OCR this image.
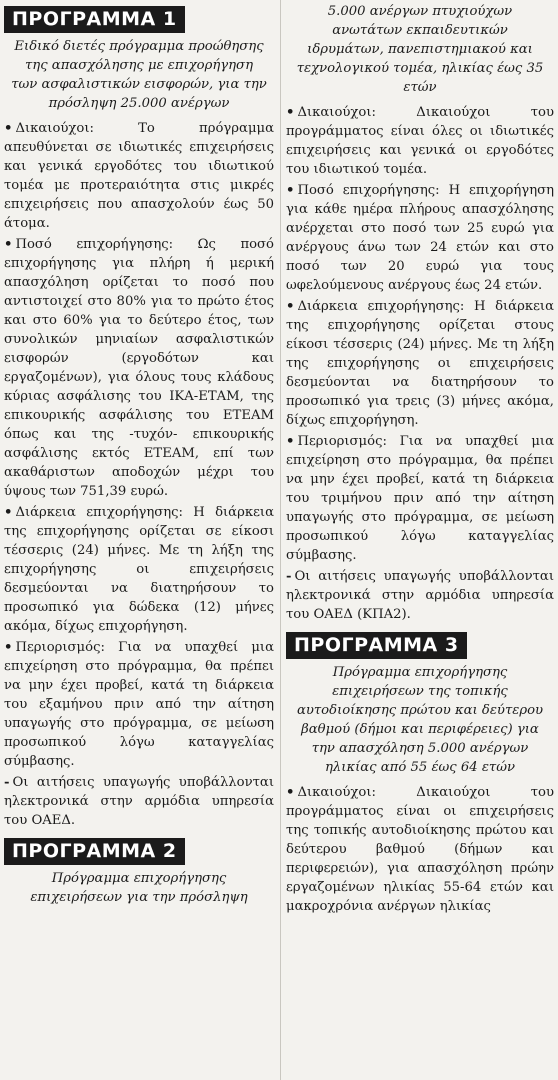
ΠΡΟΓΡΑΜΜΑ 1
Ειδικό διετές πρόγραμμα προώθησης της απασχόλησης με επιχορήγηση των ασφαλιστικών εισφορών, για την πρόσληψη 25.000 ανέργων
• Δικαιούχοι: Το πρόγραμμα απευθύνεται σε ιδιωτικές επιχειρήσεις και γενικά εργοδότες του ιδιωτικού τομέα με προτεραιότητα στις μικρές επιχειρήσεις που απασχολούν έως 50 άτομα.
• Ποσό επιχορήγησης: Ως ποσό επιχορήγησης για πλήρη ή μερική απασχόληση ορίζεται το ποσό που αντιστοιχεί στο 80% για το πρώτο έτος και στο 60% για το δεύτερο έτος, των συνολικών μηνιαίων ασφαλιστικών εισφορών (εργοδότων και εργαζομένων), για όλους τους κλάδους κύριας ασφάλισης του ΙΚΑ-ΕΤΑΜ, της επικουρικής ασφάλισης του ΕΤΕΑΜ όπως και της -τυχόν- επικουρικής ασφάλισης εκτός ΕΤΕΑΜ, επί των ακαθάριστων αποδοχών μέχρι του ύψους των 751,39 ευρώ.
• Διάρκεια επιχορήγησης: Η διάρκεια της επιχορήγησης ορίζεται σε είκοσι τέσσερις (24) μήνες. Με τη λήξη της επιχορήγησης οι επιχειρήσεις δεσμεύονται να διατηρήσουν το προσωπικό για δώδεκα (12) μήνες ακόμα, δίχως επιχορήγηση.
• Περιορισμός: Για να υπαχθεί μια επιχείρηση στο πρόγραμμα, θα πρέπει να μην έχει προβεί, κατά τη διάρκεια του εξαμήνου πριν από την αίτηση υπαγωγής στο πρόγραμμα, σε μείωση προσωπικού λόγω καταγγελίας σύμβασης.
- Οι αιτήσεις υπαγωγής υποβάλλονται ηλεκτρονικά στην αρμόδια υπηρεσία του ΟΑΕΔ.
ΠΡΟΓΡΑΜΜΑ 2
Πρόγραμμα επιχορήγησης επιχειρήσεων για την πρόσληψη
5.000 ανέργων πτυχιούχων ανωτάτων εκπαιδευτικών ιδρυμάτων, πανεπιστημιακού και τεχνολογικού τομέα, ηλικίας έως 35 ετών
• Δικαιούχοι: Δικαιούχοι του προγράμματος είναι όλες οι ιδιωτικές επιχειρήσεις και γενικά οι εργοδότες του ιδιωτικού τομέα.
• Ποσό επιχορήγησης: Η επιχορήγηση για κάθε ημέρα πλήρους απασχόλησης ανέρχεται στο ποσό των 25 ευρώ για ανέργους άνω των 24 ετών και στο ποσό των 20 ευρώ για τους ωφελούμενους ανέργους έως 24 ετών.
• Διάρκεια επιχορήγησης: Η διάρκεια της επιχορήγησης ορίζεται στους είκοσι τέσσερις (24) μήνες. Με τη λήξη της επιχορήγησης οι επιχειρήσεις δεσμεύονται να διατηρήσουν το προσωπικό για τρεις (3) μήνες ακόμα, δίχως επιχορήγηση.
• Περιορισμός: Για να υπαχθεί μια επιχείρηση στο πρόγραμμα, θα πρέπει να μην έχει προβεί, κατά τη διάρκεια του τριμήνου πριν από την αίτηση υπαγωγής στο πρόγραμμα, σε μείωση προσωπικού λόγω καταγγελίας σύμβασης.
- Οι αιτήσεις υπαγωγής υποβάλλονται ηλεκτρονικά στην αρμόδια υπηρεσία του ΟΑΕΔ (ΚΠΑ2).
ΠΡΟΓΡΑΜΜΑ 3
Πρόγραμμα επιχορήγησης επιχειρήσεων της τοπικής αυτοδιοίκησης πρώτου και δεύτερου βαθμού (δήμοι και περιφέρειες) για την απασχόληση 5.000 ανέργων ηλικίας από 55 έως 64 ετών
• Δικαιούχοι: Δικαιούχοι του προγράμματος είναι οι επιχειρήσεις της τοπικής αυτοδιοίκησης πρώτου και δεύτερου βαθμού (δήμων και περιφερειών), για απασχόληση πρώην εργαζομένων ηλικίας 55-64 ετών και μακροχρόνια ανέργων ηλικίας
